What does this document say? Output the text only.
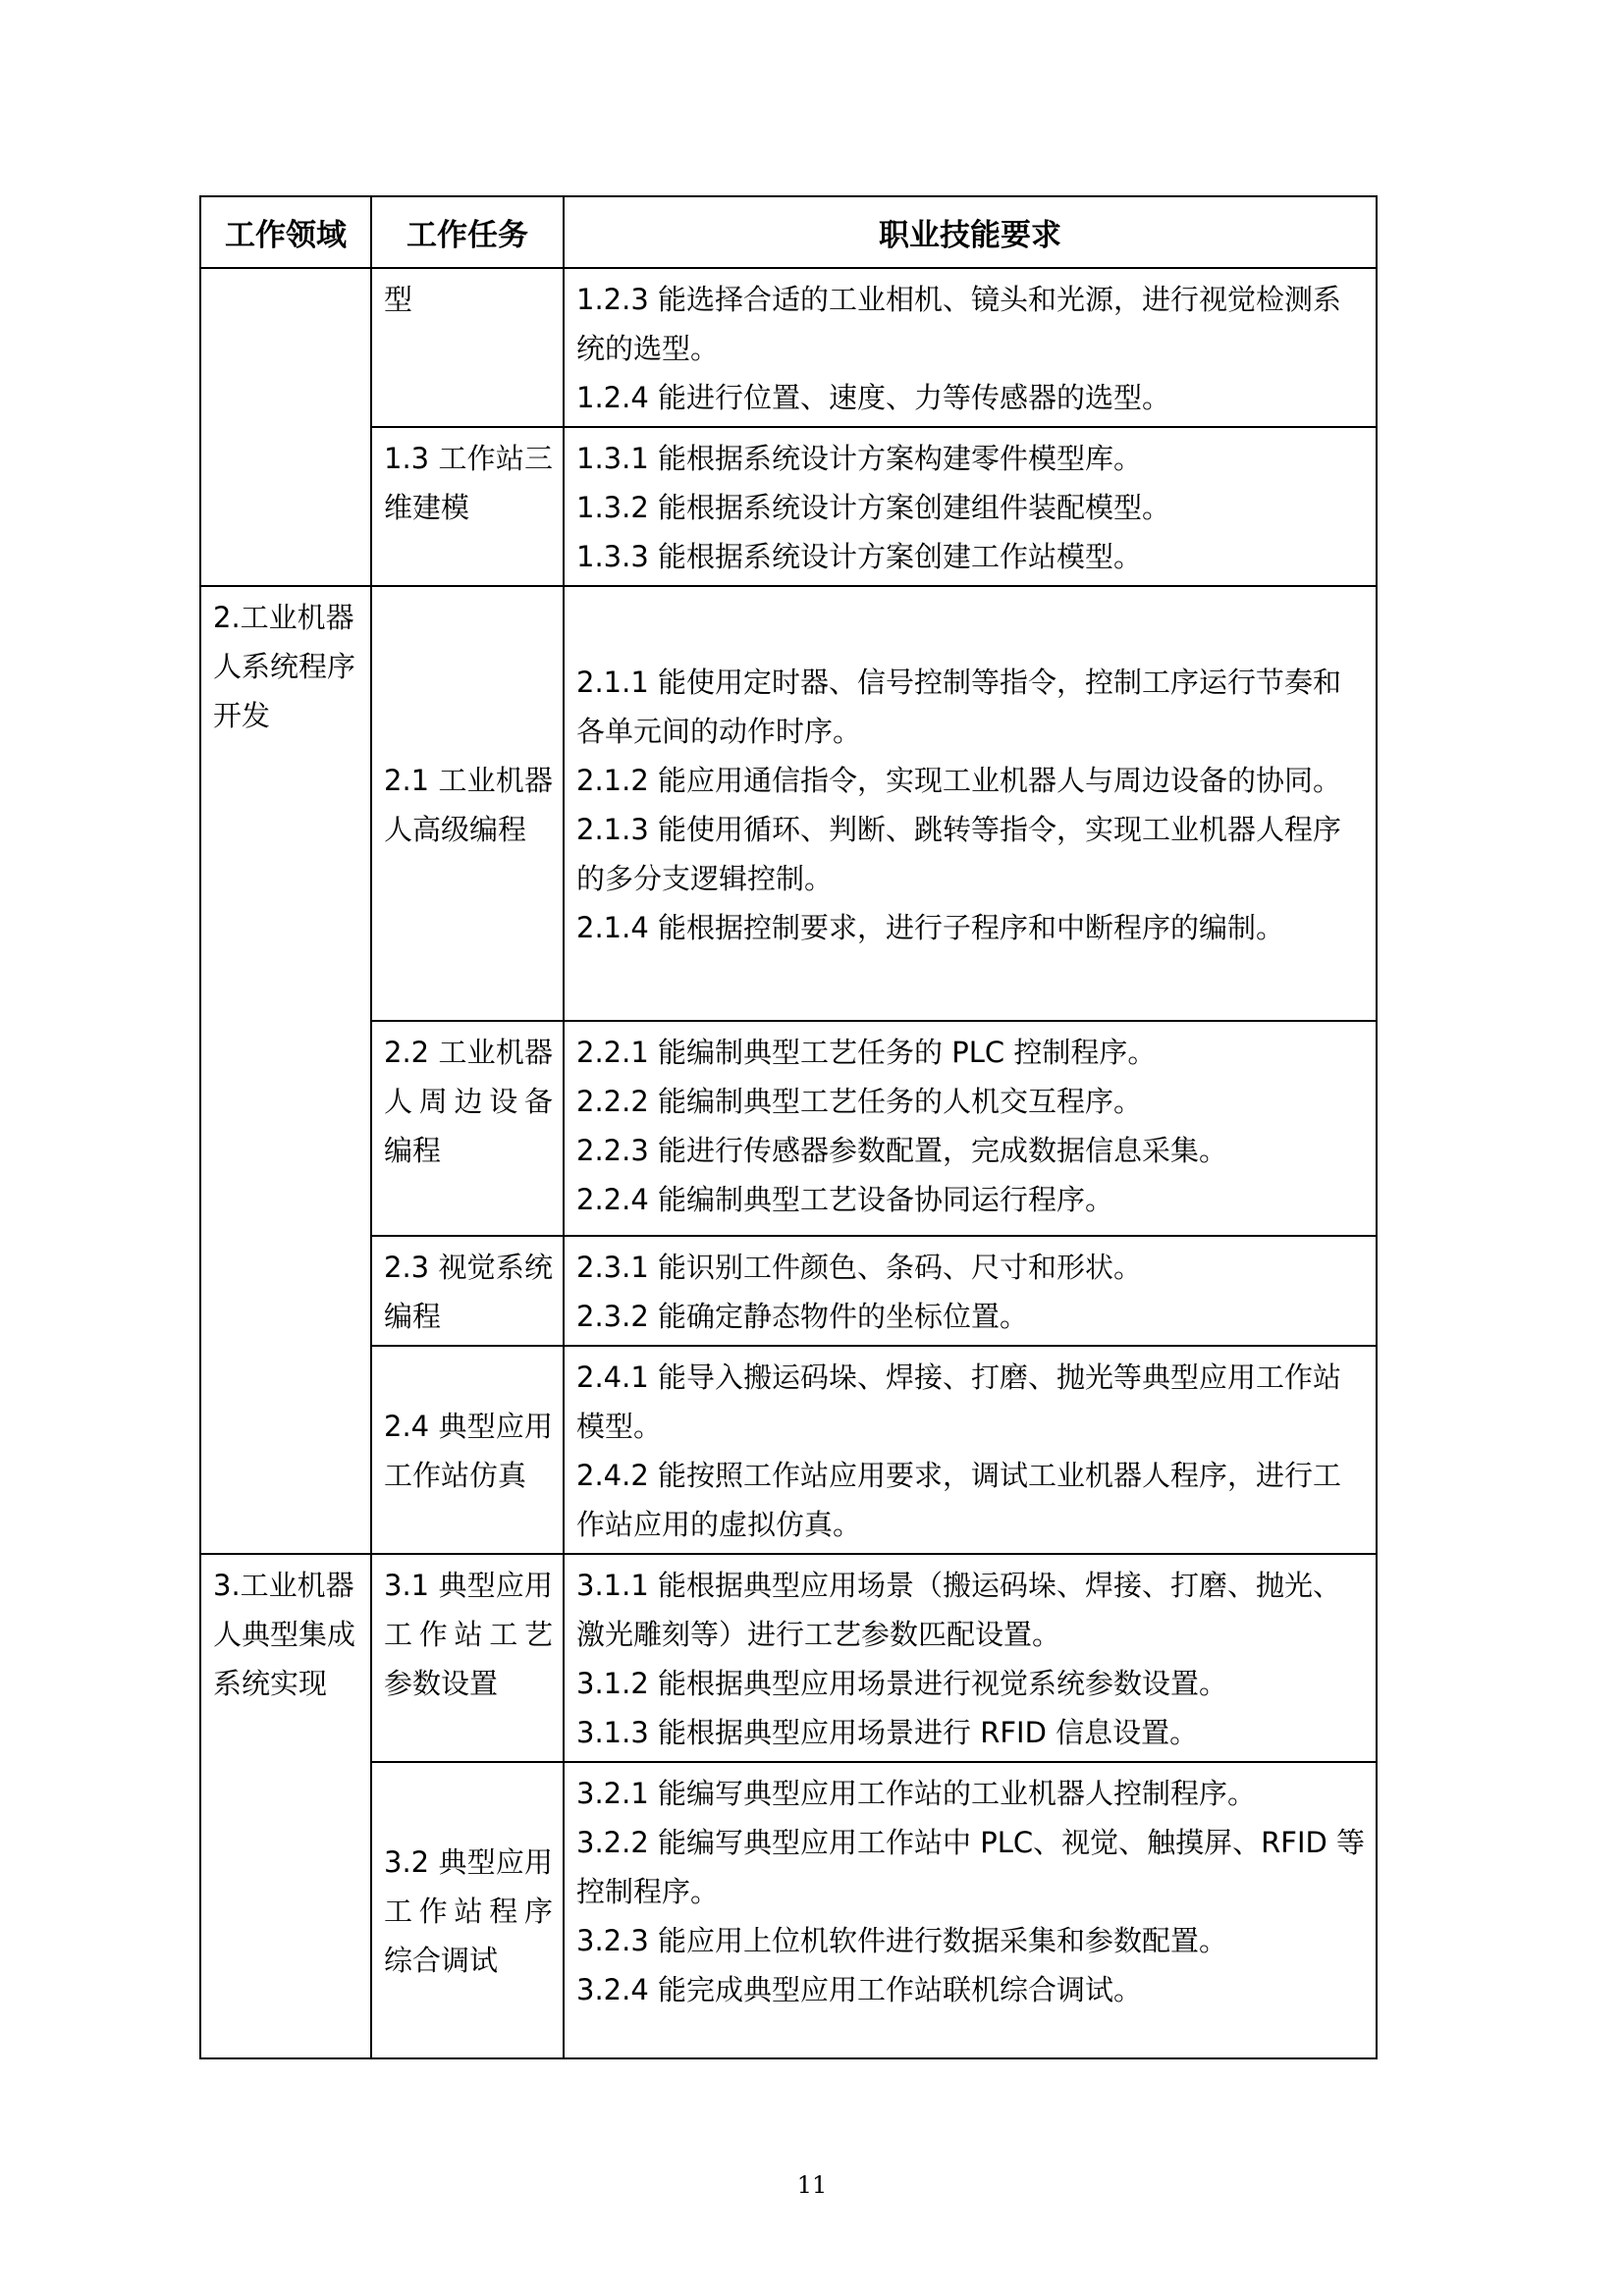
工作领域	工作任务	职业技能要求

	型	1.2.3 能选择合适的工业相机、镜头和光源，进行视觉检测系统的选型。

1.2.4 能进行位置、速度、力等传感器的选型。

	1.3 工作站三维建模	1.3.1 能根据系统设计方案构建零件模型库。

1.3.2 能根据系统设计方案创建组件装配模型。

1.3.3 能根据系统设计方案创建工作站模型。

2.工业机器人系统程序开发	2.1 工业机器人高级编程	2.1.1 能使用定时器、信号控制等指令，控制工序运行节奏和各单元间的动作时序。

2.1.2 能应用通信指令，实现工业机器人与周边设备的协同。

2.1.3 能使用循环、判断、跳转等指令，实现工业机器人程序的多分支逻辑控制。

2.1.4 能根据控制要求，进行子程序和中断程序的编制。

	2.2 工业机器人周边设备编程	2.2.1 能编制典型工艺任务的 PLC 控制程序。

2.2.2 能编制典型工艺任务的人机交互程序。

2.2.3 能进行传感器参数配置，完成数据信息采集。

2.2.4 能编制典型工艺设备协同运行程序。

	2.3 视觉系统编程	2.3.1 能识别工件颜色、条码、尺寸和形状。

2.3.2 能确定静态物件的坐标位置。

	2.4 典型应用工作站仿真	2.4.1 能导入搬运码垛、焊接、打磨、抛光等典型应用工作站模型。

2.4.2 能按照工作站应用要求，调试工业机器人程序，进行工作站应用的虚拟仿真。

3.工业机器人典型集成系统实现	3.1 典型应用工作站工艺参数设置	3.1.1 能根据典型应用场景（搬运码垛、焊接、打磨、抛光、激光雕刻等）进行工艺参数匹配设置。

3.1.2 能根据典型应用场景进行视觉系统参数设置。

3.1.3 能根据典型应用场景进行 RFID 信息设置。

	3.2 典型应用工作站程序综合调试	3.2.1 能编写典型应用工作站的工业机器人控制程序。

3.2.2 能编写典型应用工作站中 PLC、视觉、触摸屏、RFID 等控制程序。

3.2.3 能应用上位机软件进行数据采集和参数配置。

3.2.4 能完成典型应用工作站联机综合调试。

11
